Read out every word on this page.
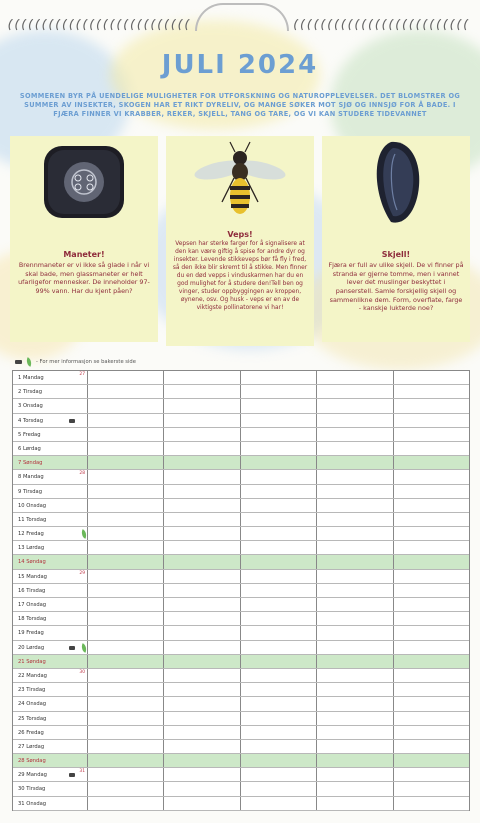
JULI 2024
SOMMEREN BYR PÅ UENDELIGE MULIGHETER FOR UTFORSKNING OG NATUROPPLEVELSER. DET BLOMSTRER OG SUMMER AV INSEKTER, SKOGEN HAR ET RIKT DYRELIV, OG MANGE SØKER MOT SJØ OG INNSJØ FOR Å BADE. I FJÆRA FINNER VI KRABBER, REKER, SKJELL, TANG OG TARE, OG VI KAN STUDERE TIDEVANNET
Maneter!
Brennmaneter er vi ikke så glade i når vi skal bade, men glassmaneter er helt ufarligefor mennesker. De inneholder 97-99% vann. Har du kjent påen?
Veps!
Vepsen har sterke farger for å signalisere at den kan være giftig å spise for andre dyr og insekter. Levende stikkeveps bør få fly i fred, så den ikke blir skremt til å stikke. Men finner du en død vepps i vinduskarmen har du en god mulighet for å studere den!Tell ben og vinger, studer oppbyggingen av kroppen, øynene, osv. Og husk - veps er en av de viktigste pollinatorene vi har!
Skjell!
Fjæra er full av ulike skjell. De vi finner på stranda er gjerne tomme, men i vannet lever det muslinger beskyttet i panserstell. Samle forskjellig skjell og sammenlikne dem. Form, overflate, farge - kanskje lukterde noe?
- For mer informasjon se bakerste side
1 Mandag
27
2 Tirsdag
3 Onsdag
4 Torsdag
5 Fredag
6 Lørdag
7 Søndag
8 Mandag
28
9 Tirsdag
10 Onsdag
11 Torsdag
12 Fredag
13 Lørdag
14 Søndag
15 Mandag
29
16 Tirsdag
17 Onsdag
18 Torsdag
19 Fredag
20 Lørdag
21 Søndag
22 Mandag
30
23 Tirsdag
24 Onsdag
25 Torsdag
26 Fredag
27 Lørdag
28 Søndag
29 Mandag
31
30 Tirsdag
31 Onsdag
